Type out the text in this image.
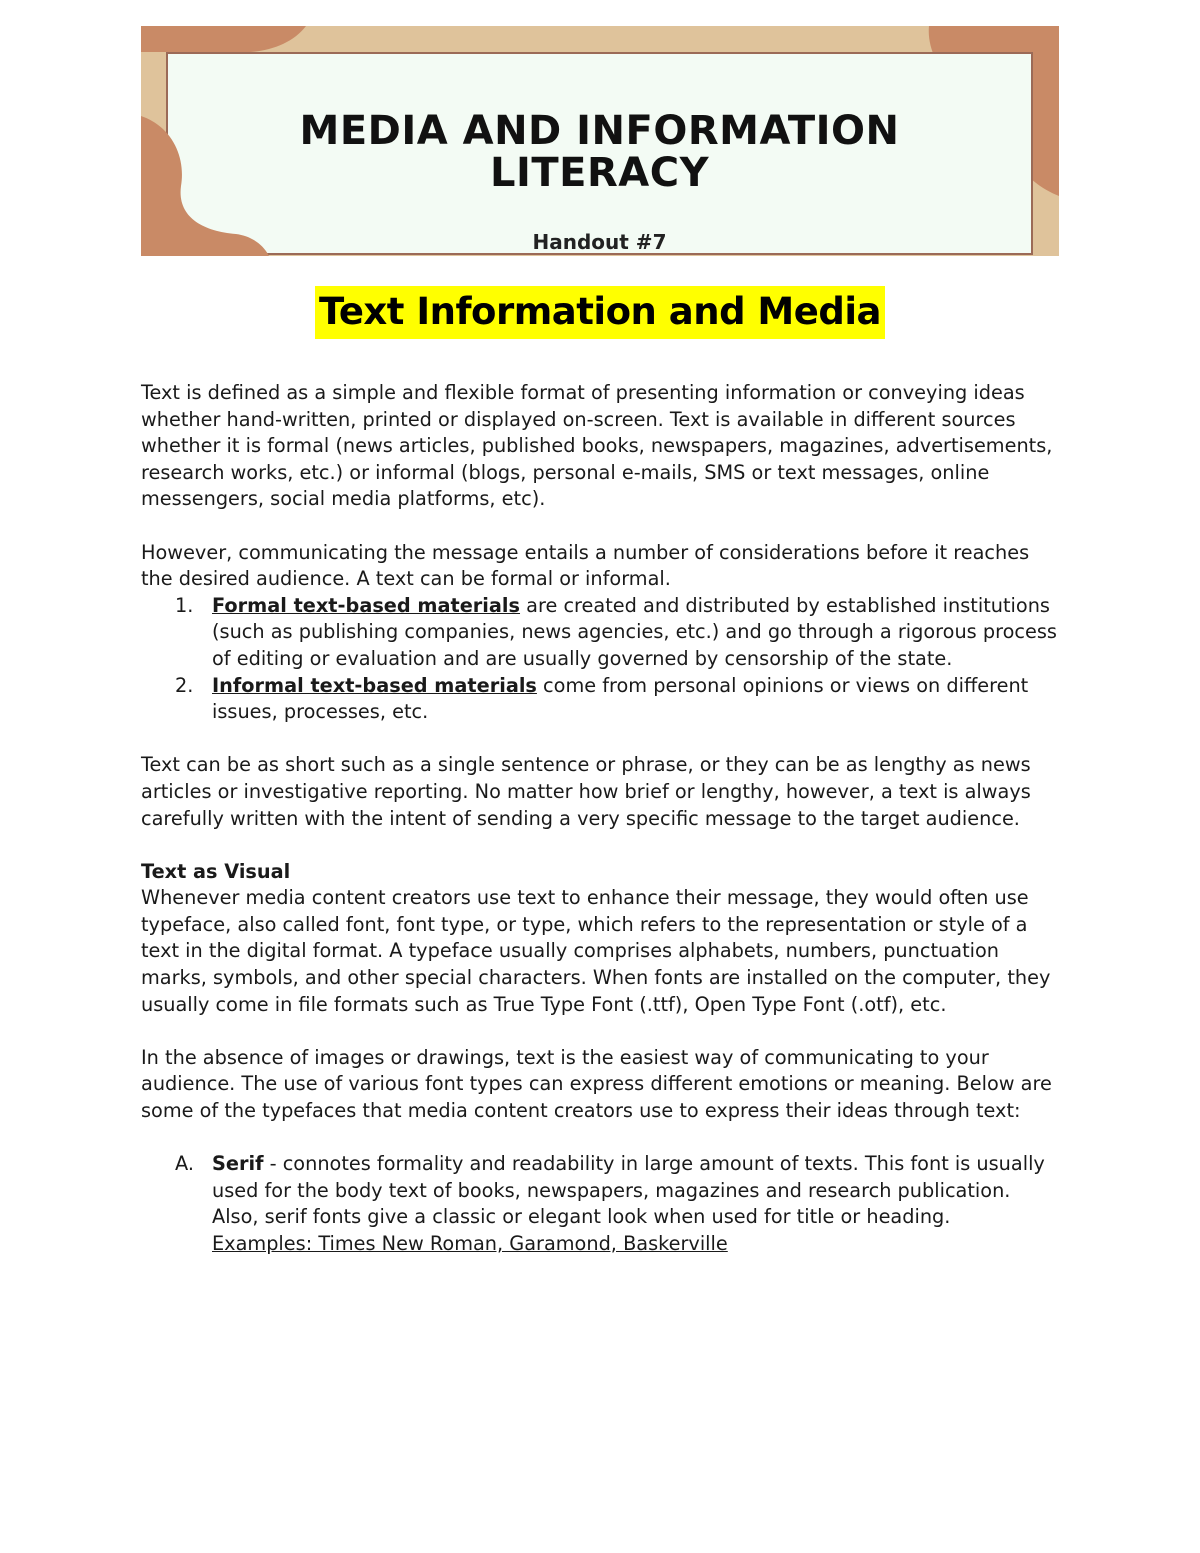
MEDIA AND INFORMATION
LITERACY
Handout #7
Text Information and Media

Text is defined as a simple and flexible format of presenting information or conveying ideas whether hand-written, printed or displayed on-screen. Text is available in different sources whether it is formal (news articles, published books, newspapers, magazines, advertisements, research works, etc.) or informal (blogs, personal e-mails, SMS or text messages, online messengers, social media platforms, etc).

However, communicating the message entails a number of considerations before it reaches the desired audience. A text can be formal or informal.

1. Formal text-based materials are created and distributed by established institutions (such as publishing companies, news agencies, etc.) and go through a rigorous process of editing or evaluation and are usually governed by censorship of the state.
2. Informal text-based materials come from personal opinions or views on different issues, processes, etc.

Text can be as short such as a single sentence or phrase, or they can be as lengthy as news articles or investigative reporting. No matter how brief or lengthy, however, a text is always carefully written with the intent of sending a very specific message to the target audience.

Text as Visual

Whenever media content creators use text to enhance their message, they would often use typeface, also called font, font type, or type, which refers to the representation or style of a text in the digital format. A typeface usually comprises alphabets, numbers, punctuation marks, symbols, and other special characters. When fonts are installed on the computer, they usually come in file formats such as True Type Font (.ttf), Open Type Font (.otf), etc.

In the absence of images or drawings, text is the easiest way of communicating to your audience. The use of various font types can express different emotions or meaning. Below are some of the typefaces that media content creators use to express their ideas through text:

A. Serif - connotes formality and readability in large amount of texts. This font is usually used for the body text of books, newspapers, magazines and research publication. Also, serif fonts give a classic or elegant look when used for title or heading.
Examples: Times New Roman, Garamond, Baskerville
